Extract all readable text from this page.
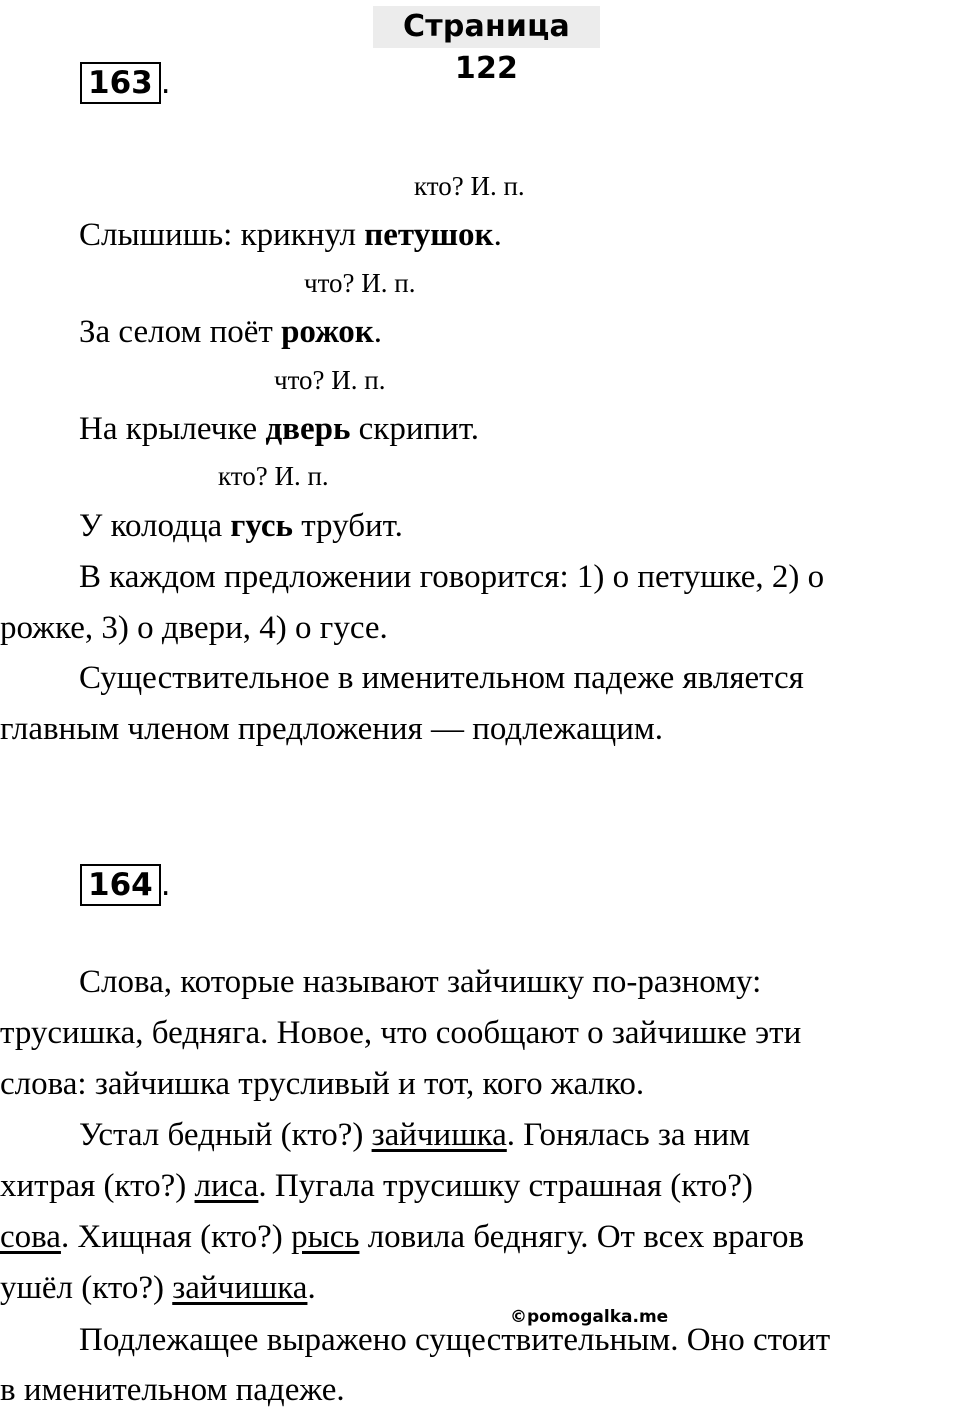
Страница 122
163 .
кто? И. п.
Слышишь: крикнул петушок.
что? И. п.
За селом поёт рожок.
что? И. п.
На крылечке дверь скрипит.
кто? И. п.
У колодца гусь трубит.
В каждом предложении говорится: 1) о петушке, 2) о
рожке, 3) о двери, 4) о гусе.
Существительное в именительном падеже является
главным членом предложения — подлежащим.
164 .
Слова, которые называют зайчишку по-разному:
трусишка, бедняга. Новое, что сообщают о зайчишке эти
слова: зайчишка трусливый и тот, кого жалко.
Устал бедный (кто?) зайчишка. Гонялась за ним
хитрая (кто?) лиса. Пугала трусишку страшная (кто?)
сова. Хищная (кто?) рысь ловила беднягу. От всех врагов
ушёл (кто?) зайчишка.
©pomogalka.me
Подлежащее выражено существительным. Оно стоит
в именительном падеже.
